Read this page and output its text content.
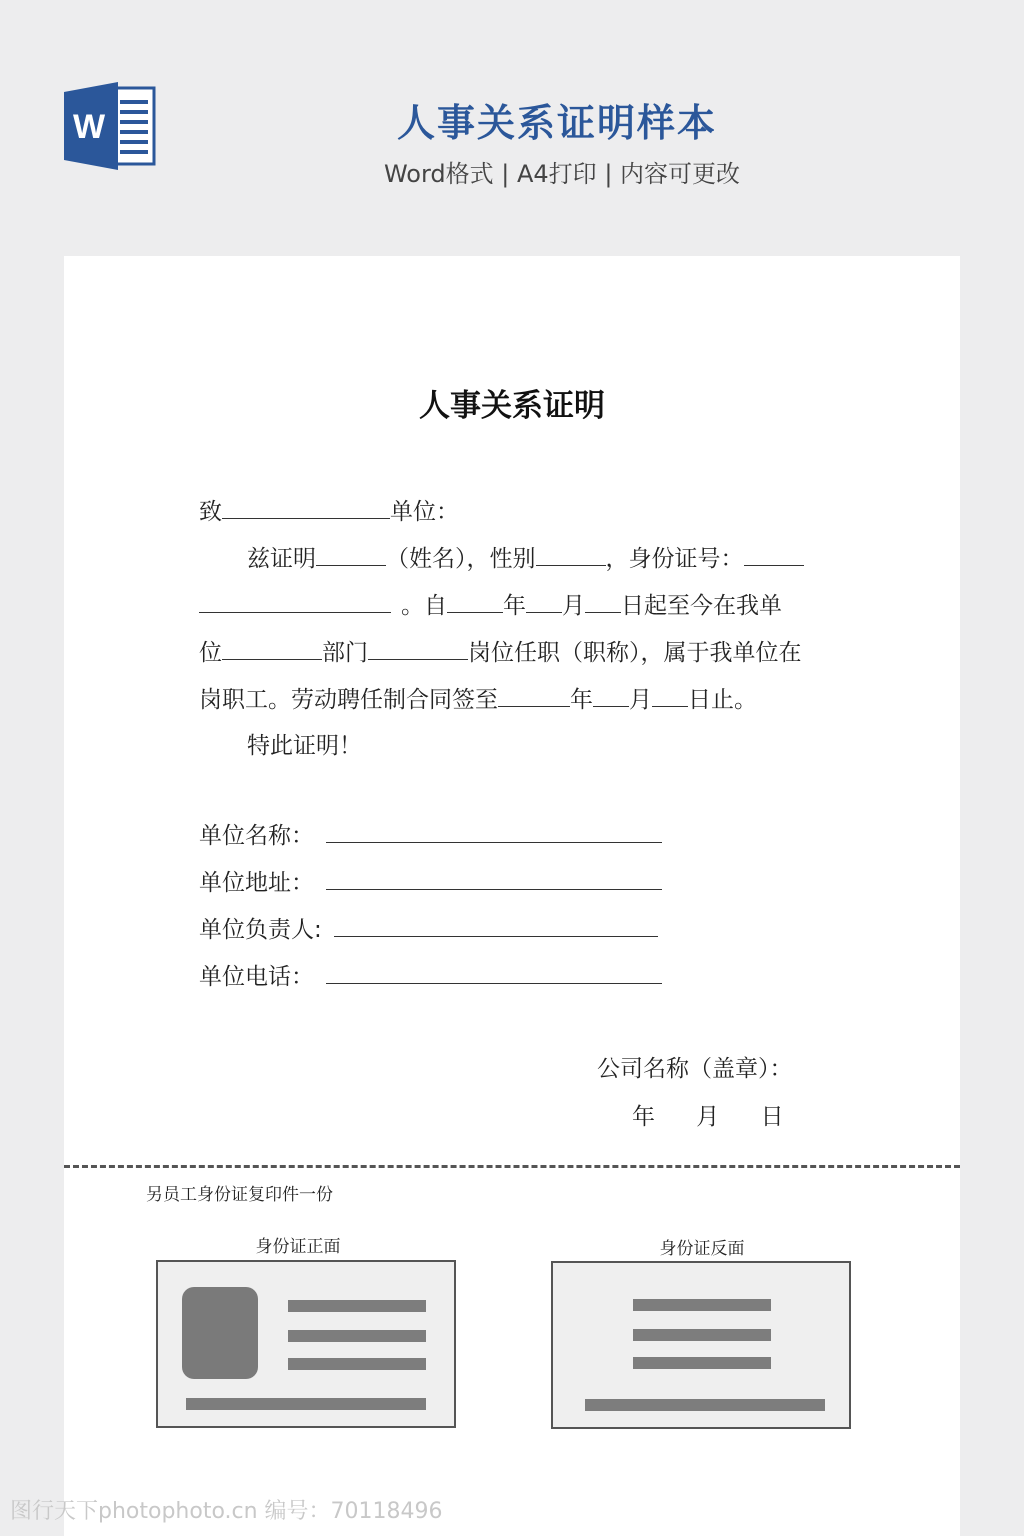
W	人事关系证明样本
Word格式 | A4打印 | 内容可更改
人事关系证明
致	单位：
兹证明	（姓名），性别	，身份证号：
。自 年 月 日起至今在我单
位	部门	岗位任职（职称），属于我单位在
岗职工。劳动聘任制合同签至	年 月 日止。
特此证明！
单位名称：
单位地址：
单位负责人:
单位电话：
公司名称（盖章）：
年 月 日
另员工身份证复印件一份
身份证正面	身份证反面
图行天下photophoto.cn 编号：70118496
